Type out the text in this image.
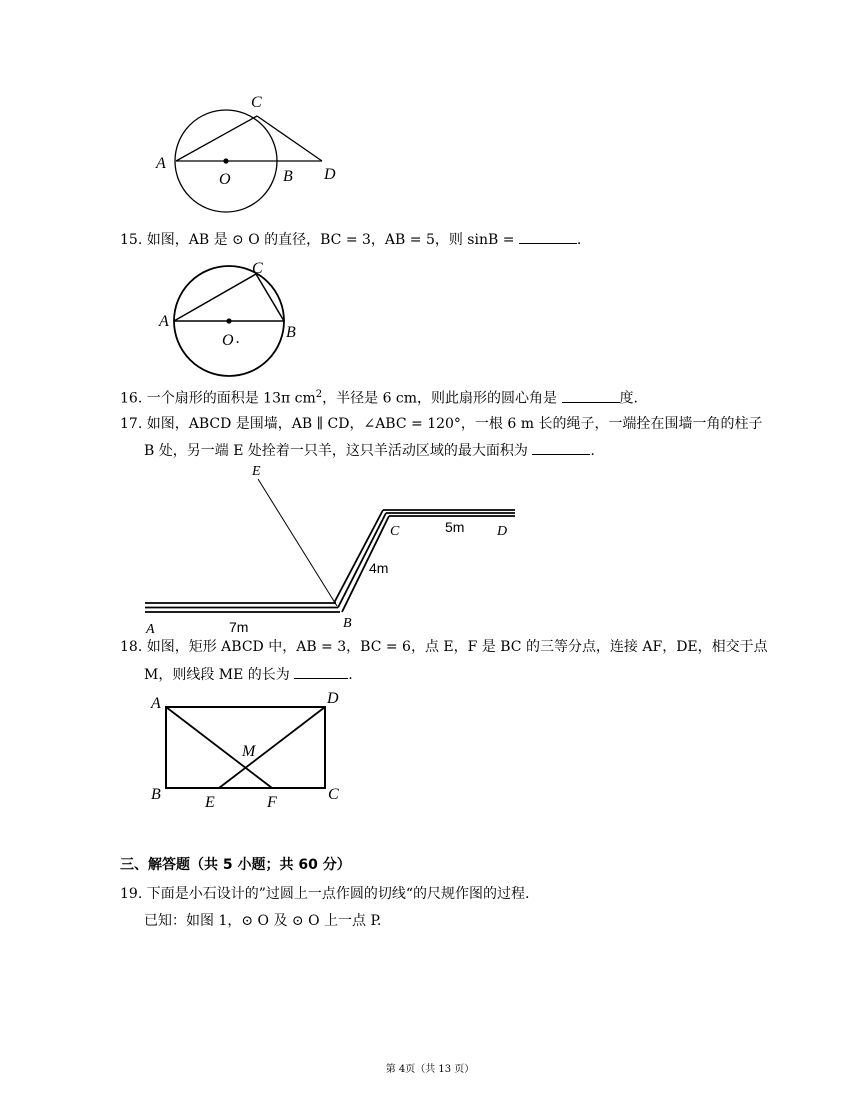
A
O	B
C
D
15. 如图，AB 是 ⊙ O 的直径，BC = 3，AB = 5，则 sinB =	.
A
O .	B
C
16. 一个扇形的面积是 13π $cm^2$，半径是 6 cm，则此扇形的圆心角是	度.
17. 如图，ABCD 是围墙，AB ∥ CD，∠ABC = 120°，一根 6 m 长的绳子，一端拴在围墙一角的柱子
B 处，另一端 E 处拴着一只羊，这只羊活动区域的最大面积为	.
E
C	5m D
4m
B
A	7m
18. 如图，矩形 ABCD 中，AB = 3，BC = 6，点 E，F 是 BC 的三等分点，连接 AF，DE，相交于点
M，则线段 ME 的长为	.
A	D
M
B	E	F	C
三、解答题（共 5 小题；共 60 分）
19. 下面是小石设计的”过圆上一点作圆的切线“的尺规作图的过程.
已知：如图 1，⊙ O 及 ⊙ O 上一点 P.
第 4页（共 13 页）
